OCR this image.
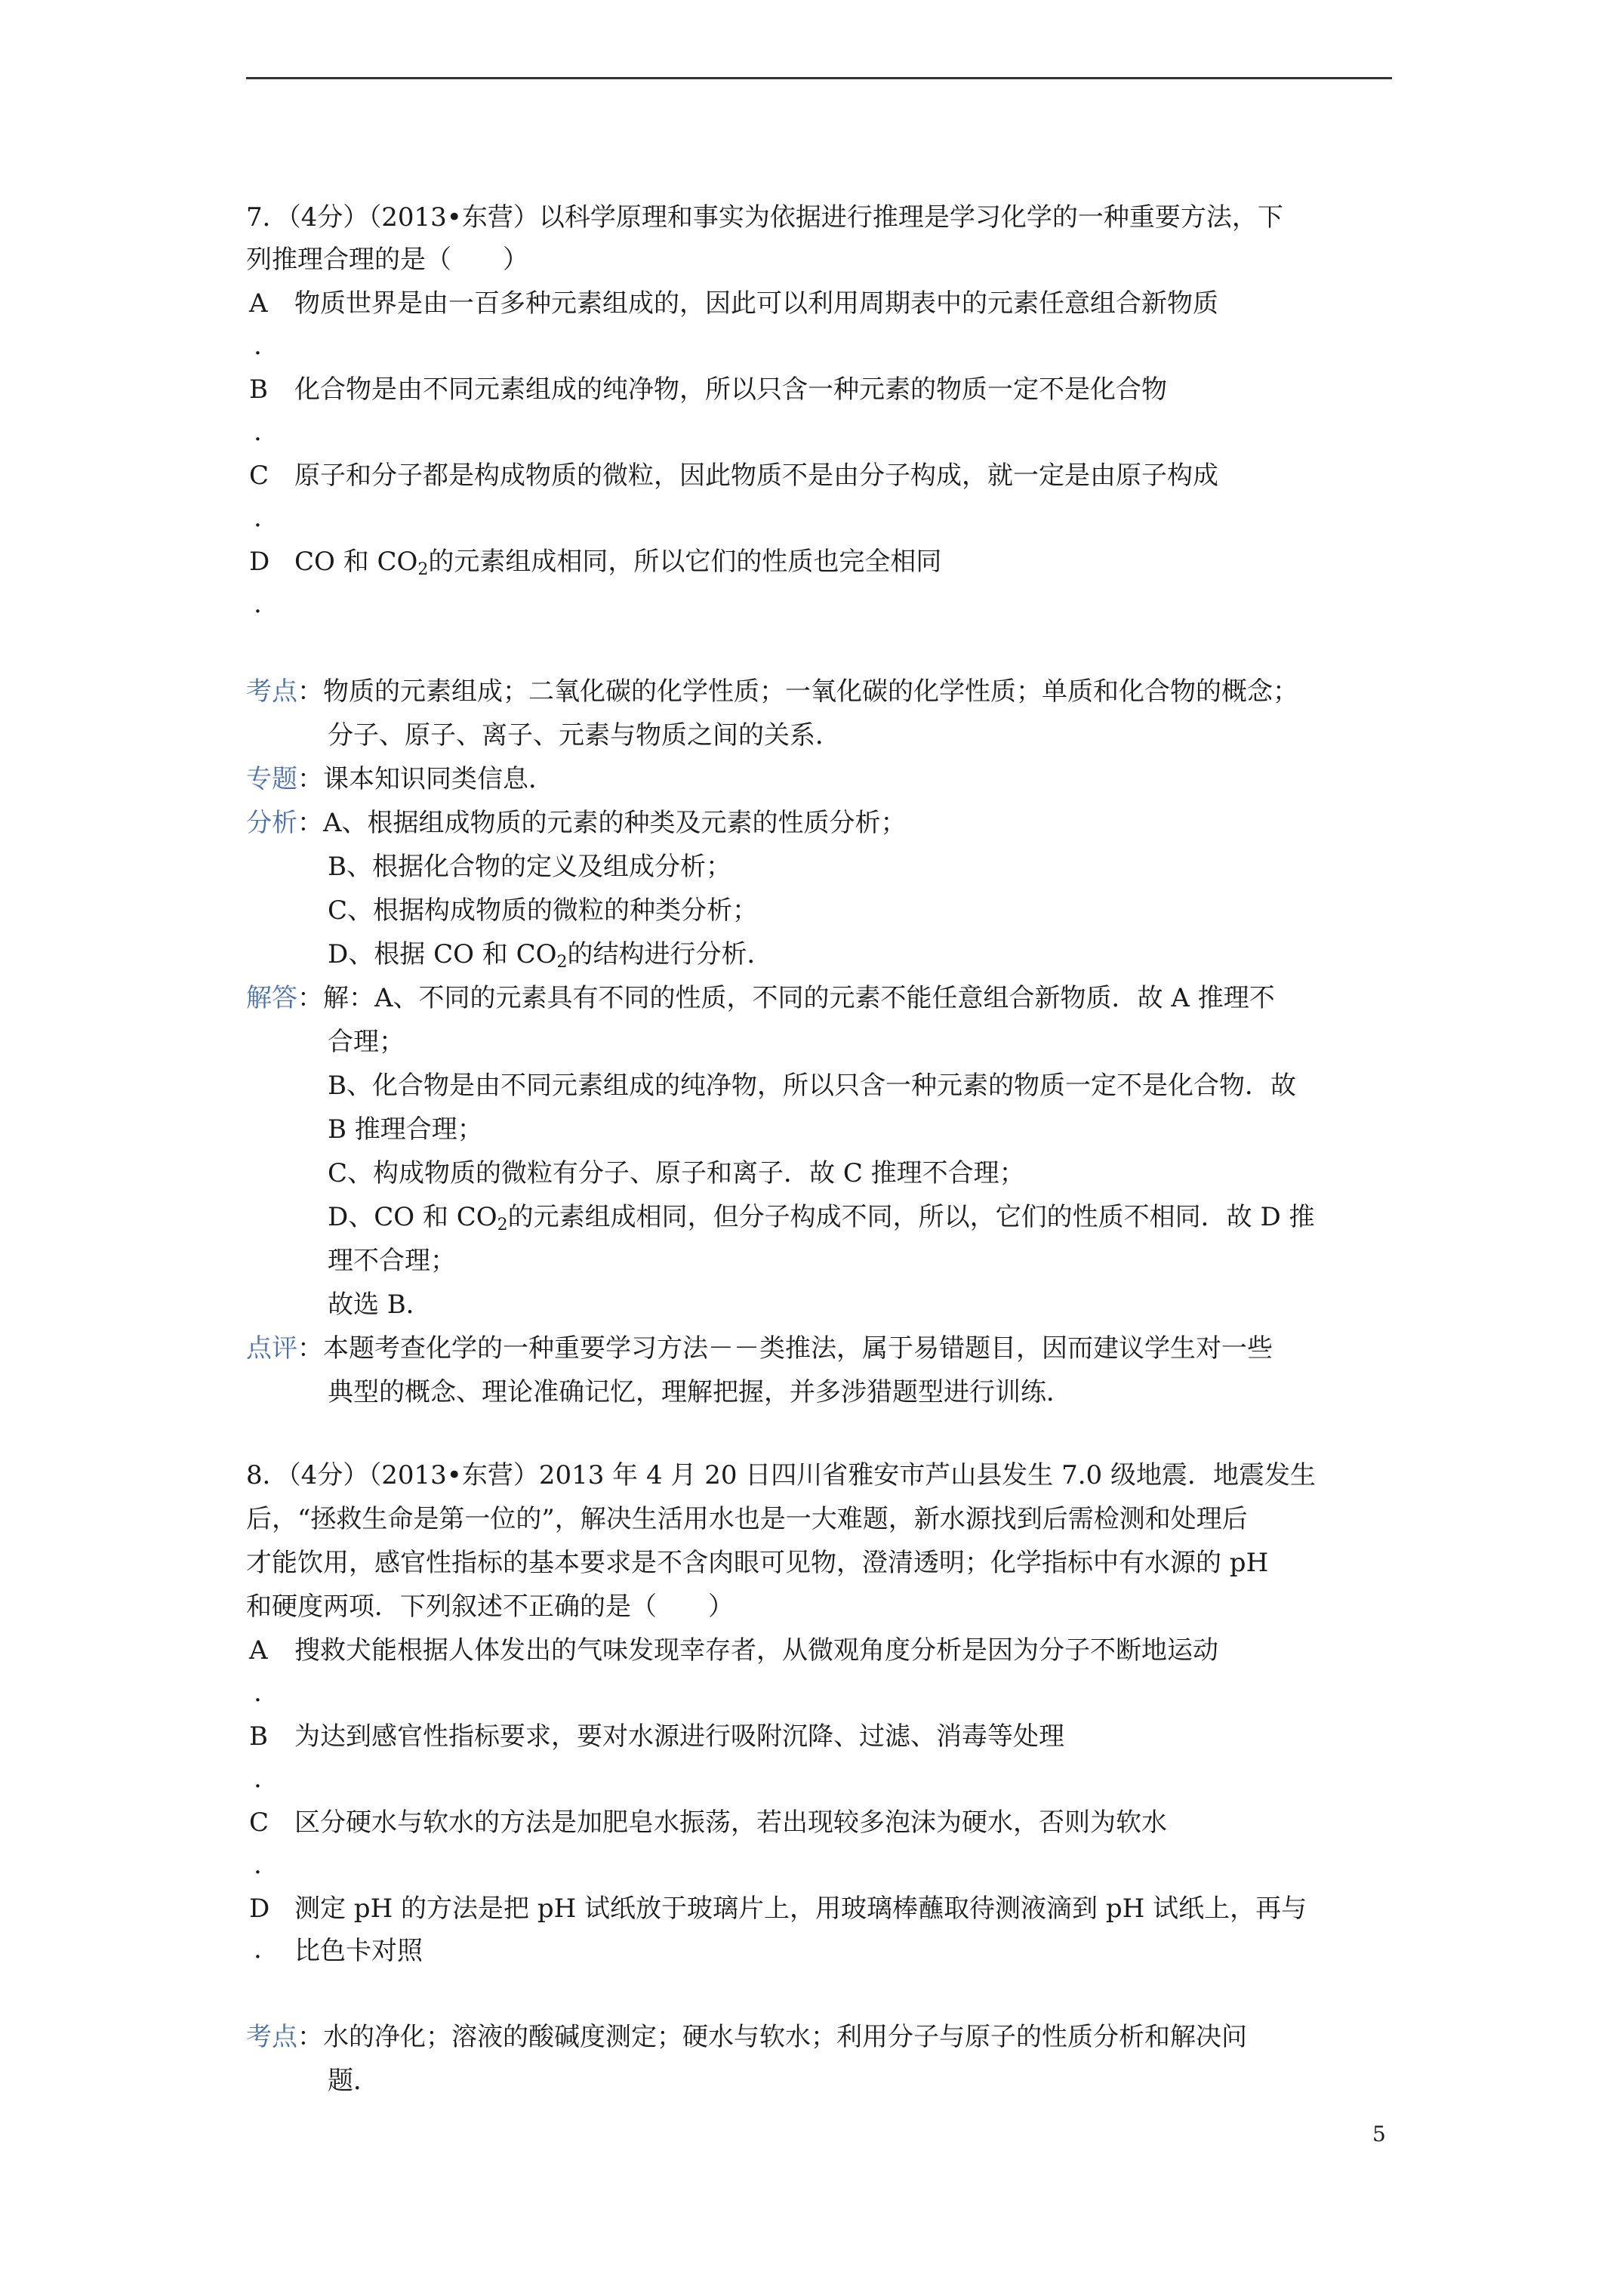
7．（4分）（2013•东营）以科学原理和事实为依据进行推理是学习化学的一种重要方法，下
列推理合理的是（　　）
A 物质世界是由一百多种元素组成的，因此可以利用周期表中的元素任意组合新物质
.
B 化合物是由不同元素组成的纯净物，所以只含一种元素的物质一定不是化合物
.
C 原子和分子都是构成物质的微粒，因此物质不是由分子构成，就一定是由原子构成
.
D CO 和 $CO_2$的元素组成相同，所以它们的性质也完全相同
.
考点：物质的元素组成；二氧化碳的化学性质；一氧化碳的化学性质；单质和化合物的概念；
分子、原子、离子、元素与物质之间的关系．
专题：课本知识同类信息．
分析：A、根据组成物质的元素的种类及元素的性质分析；
B、根据化合物的定义及组成分析；
C、根据构成物质的微粒的种类分析；
D、根据 CO 和 $CO_2$的结构进行分析．
解答：解：A、不同的元素具有不同的性质，不同的元素不能任意组合新物质．故 A 推理不
合理；
B、化合物是由不同元素组成的纯净物，所以只含一种元素的物质一定不是化合物．故
B 推理合理；
C、构成物质的微粒有分子、原子和离子．故 C 推理不合理；
D、CO 和 $CO_2$的元素组成相同，但分子构成不同，所以，它们的性质不相同．故 D 推
理不合理；
故选 B．
点评：本题考查化学的一种重要学习方法－－类推法，属于易错题目，因而建议学生对一些
典型的概念、理论准确记忆，理解把握，并多涉猎题型进行训练．
8．（4分）（2013•东营）2013 年 4 月 20 日四川省雅安市芦山县发生 7.0 级地震．地震发生
后，“拯救生命是第一位的”，解决生活用水也是一大难题，新水源找到后需检测和处理后
才能饮用，感官性指标的基本要求是不含肉眼可见物，澄清透明；化学指标中有水源的 pH
和硬度两项．下列叙述不正确的是（　　）
A 搜救犬能根据人体发出的气味发现幸存者，从微观角度分析是因为分子不断地运动
.
B 为达到感官性指标要求，要对水源进行吸附沉降、过滤、消毒等处理
.
C 区分硬水与软水的方法是加肥皂水振荡，若出现较多泡沫为硬水，否则为软水
.
D 测定 pH 的方法是把 pH 试纸放于玻璃片上，用玻璃棒蘸取待测液滴到 pH 试纸上，再与
. 比色卡对照
考点：水的净化；溶液的酸碱度测定；硬水与软水；利用分子与原子的性质分析和解决问
题．
5
